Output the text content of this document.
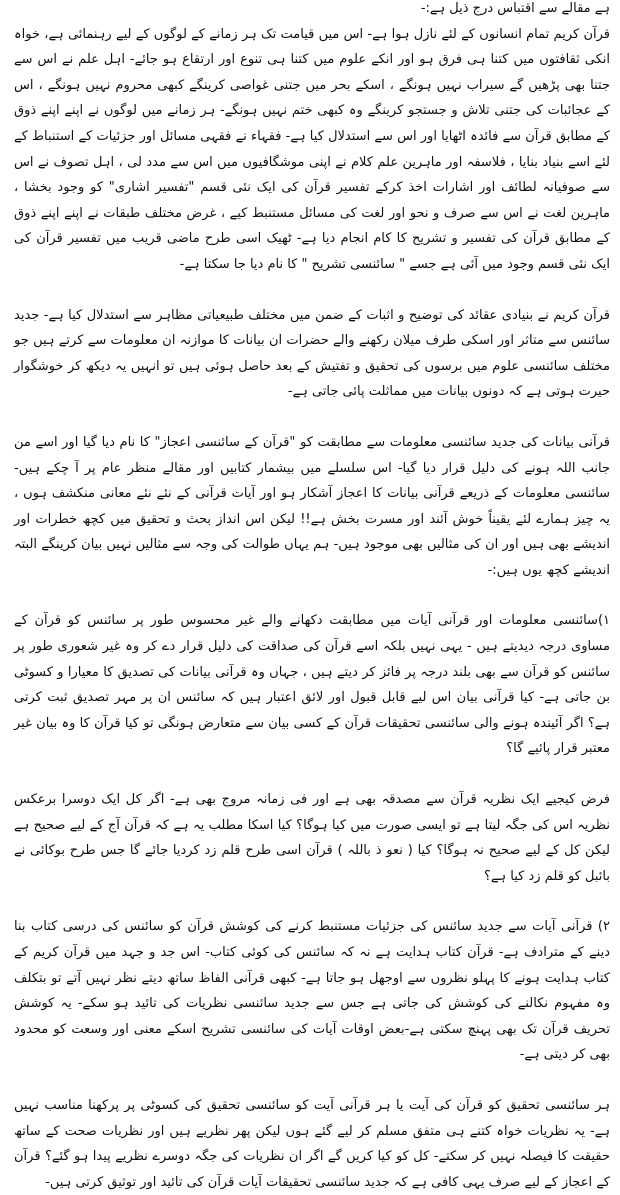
ہے مقالے سے اقتباس درج ذیل ہے:-

قرآن کریم تمام انسانوں کے لئے نازل ہوا ہے- اس میں قیامت تک ہر زمانے کے لوگوں کے لیے رہنمائی ہے، خواہ انکی ثقافتوں میں کتنا ہی فرق ہو اور انکے علوم میں کتنا ہی تنوع اور ارتقاع ہو جائے- اہل علم نے اس سے جتنا بھی پڑھیں گے سیراب نہیں ہونگے ، اسکے بحر میں جتنی غواصی کرینگے کبھی محروم نہیں ہونگے ، اس کے عجائبات کی جتنی تلاش و جستجو کرینگے وہ کبھی ختم نہیں ہونگے- ہر زمانے میں لوگوں نے اپنے اپنے ذوق کے مطابق قرآن سے فائدہ اٹھایا اور اس سے استدلال کیا ہے- فقہاء نے فقہی مسائل اور جزئیات کے استنباط کے لئے اسے بنیاد بنایا ، فلاسفہ اور ماہرین علم کلام نے اپنی موشگافیوں میں اس سے مدد لی ، اہل تصوف نے اس سے صوفیانہ لطائف اور اشارات اخذ کرکے تفسیر قرآن کی ایک نئی قسم "تفسیر اشاری" کو وجود بخشا ، ماہرین لغت نے اس سے صرف و نحو اور لغت کی مسائل مستنبط کیے ، غرض مختلف طبقات نے اپنے اپنے ذوق کے مطابق قرآن کی تفسیر و تشریح کا کام انجام دیا ہے- ٹھیک اسی طرح ماضی قریب میں تفسیر قرآن کی ایک نئی قسم وجود میں آئی ہے جسے " سائنسی تشریح " کا نام دیا جا سکتا ہے-

قرآن کریم نے بنیادی عقائد کی توضیح و اثبات کے ضمن میں مختلف طبیعیاتی مظاہر سے استدلال کیا ہے- جدید سائنس سے متاثر اور اسکی طرف میلان رکھنے والے حضرات ان بیانات کا موازنہ ان معلومات سے کرتے ہیں جو مختلف سائنسی علوم میں برسوں کی تحقیق و تفتیش کے بعد حاصل ہوئی ہیں تو انہیں یہ دیکھ کر خوشگوار حیرت ہوتی ہے کہ دونوں بیانات میں مماثلت پائی جاتی ہے-

قرآنی بیانات کی جدید سائنسی معلومات سے مطابقت کو "قرآن کے سائنسی اعجاز" کا نام دیا گیا اور اسے من جانب اللہ ہونے کی دلیل قرار دیا گیا- اس سلسلے میں بیشمار کتابیں اور مقالے منظر عام پر آ چکے ہیں- سائنسی معلومات کے ذریعے قرآنی بیانات کا اعجاز آشکار ہو اور آیات قرآنی کے نئے نئے معانی منکشف ہوں ، یہ چیز ہمارے لئے یقیناً خوش آئند اور مسرت بخش ہے!! لیکن اس انداز بحث و تحقیق میں کچھ خطرات اور اندیشے بھی ہیں اور ان کی مثالیں بھی موجود ہیں- ہم یہاں طوالت کی وجہ سے مثالیں نہیں بیان کرینگے البتہ اندیشے کچھ یوں ہیں:-

۱)سائنسی معلومات اور قرآنی آیات میں مطابقت دکھانے والے غیر محسوس طور پر سائنس کو قرآن کے مساوی درجہ دیدیتے ہیں - یہی نہیں بلکہ اسے قرآن کی صداقت کی دلیل قرار دے کر وہ غیر شعوری طور پر سائنس کو قرآن سے بھی بلند درجہ پر فائز کر دیتے ہیں ، جہاں وہ قرآنی بیانات کی تصدیق کا معیارا و کسوٹی بن جاتی ہے- کیا قرآنی بیان اس لیے قابل قبول اور لائق اعتبار ہیں کہ سائنس ان پر مہر تصدیق ثبت کرتی ہے؟ اگر آئیندہ ہونے والی سائنسی تحقیقات قرآن کے کسی بیان سے متعارض ہونگی تو کیا قرآن کا وہ بیان غیر معتبر قرار پائیے گا؟

فرض کیجیے ایک نظریہ قرآن سے مصدقہ بھی ہے اور فی زمانہ مروج بھی ہے- اگر کل ایک دوسرا برعکس نظریہ اس کی جگہ لیتا ہے تو ایسی صورت میں کیا ہوگا؟ کیا اسکا مطلب یہ ہے کہ قرآن آج کے لیے صحیح ہے لیکن کل کے لیے صحیح نہ ہوگا؟ کیا ( نعو ذ باللہ ) قرآن اسی طرح قلم زد کردیا جائے گا جس طرح بوکائی نے بائبل کو قلم زد کیا ہے؟

۲) قرآنی آیات سے جدید سائنس کی جزئیات مستنبط کرنے کی کوشش قرآن کو سائنس کی درسی کتاب بنا دینے کے مترادف ہے- قرآن کتاب ہدایت ہے نہ کہ سائنس کی کوئی کتاب- اس جد و جہد میں قرآن کریم کے کتاب ہدایت ہونے کا پہلو نظروں سے اوجھل ہو جاتا ہے- کبھی قرآنی الفاظ ساتھ دیتے نظر نہیں آتے تو بتکلف وہ مفہوم نکالنے کی کوشش کی جاتی ہے جس سے جدید سائنسی نظریات کی تائید ہو سکے- یہ کوشش تحریف قرآن تک بھی پہنچ سکتی ہے-بعض اوقات آیات کی سائنسی تشریح اسکے معنی اور وسعت کو محدود بھی کر دیتی ہے-

ہر سائنسی تحقیق کو قرآن کی آیت یا ہر قرآنی آیت کو سائنسی تحقیق کی کسوٹی پر پرکھنا مناسب نہیں ہے- یہ نظریات خواہ کتنے ہی متفق مسلم کر لیے گئے ہوں لیکن پھر نظریے ہیں اور نظریات صحت کے ساتھ حقیقت کا فیصلہ نہیں کر سکتے- کل کو کیا کریں گے اگر ان نظریات کی جگہ دوسرے نظریے پیدا ہو گئے؟ قرآن کے اعجاز کے لیے صرف یہی کافی ہے کہ جدید سائنسی تحقیقات آیات قرآن کی تائید اور توثیق کرتی ہیں-
